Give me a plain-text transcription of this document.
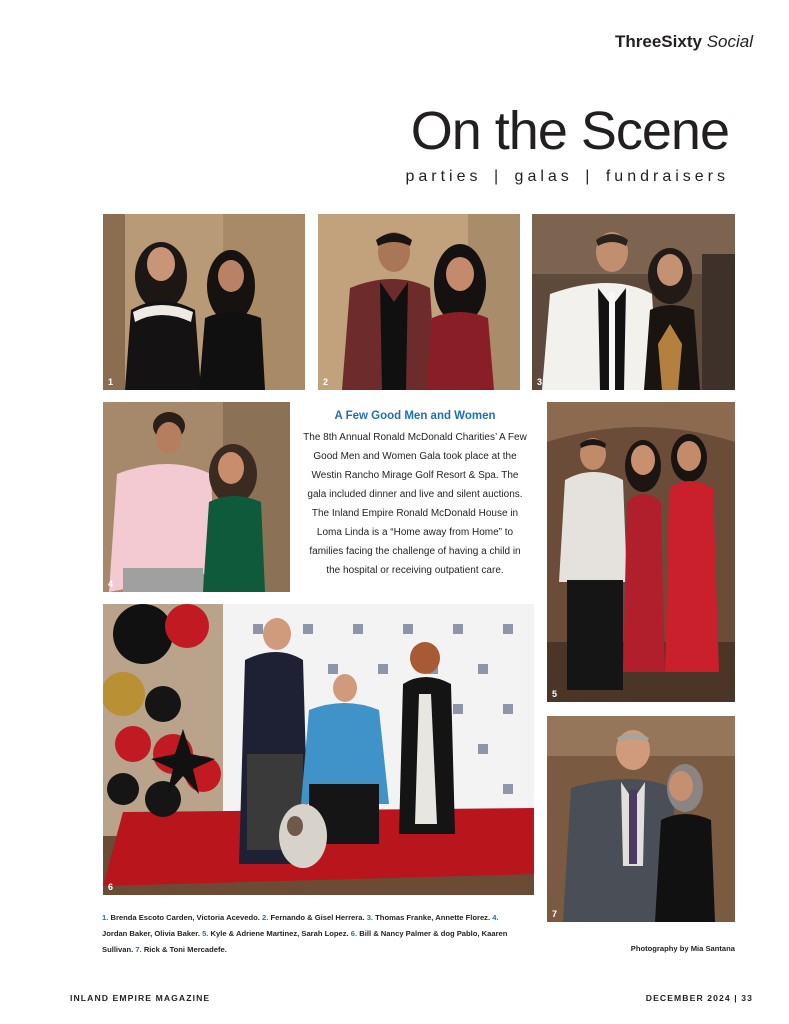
ThreeSixty Social
On the Scene
parties | galas | fundraisers
1	2	3
4
A Few Good Men and Women

The 8th Annual Ronald McDonald Charities’ A Few Good Men and Women Gala took place at the Westin Rancho Mirage Golf Resort & Spa. The gala included dinner and live and silent auctions. The Inland Empire Ronald McDonald House in Loma Linda is a “Home away from Home” to families facing the challenge of having a child in the hospital or receiving outpatient care.

5
6
7
1. Brenda Escoto Carden, Victoria Acevedo. 2. Fernando & Gisel Herrera. 3. Thomas Franke, Annette Florez. 4. Jordan Baker, Olivia Baker. 5. Kyle & Adriene Martinez, Sarah Lopez. 6. Bill & Nancy Palmer & dog Pablo, Kaaren Sullivan. 7. Rick & Toni Mercadefe.	Photography by Mia Santana
INLAND EMPIRE MAGAZINE	DECEMBER 2024 | 33
